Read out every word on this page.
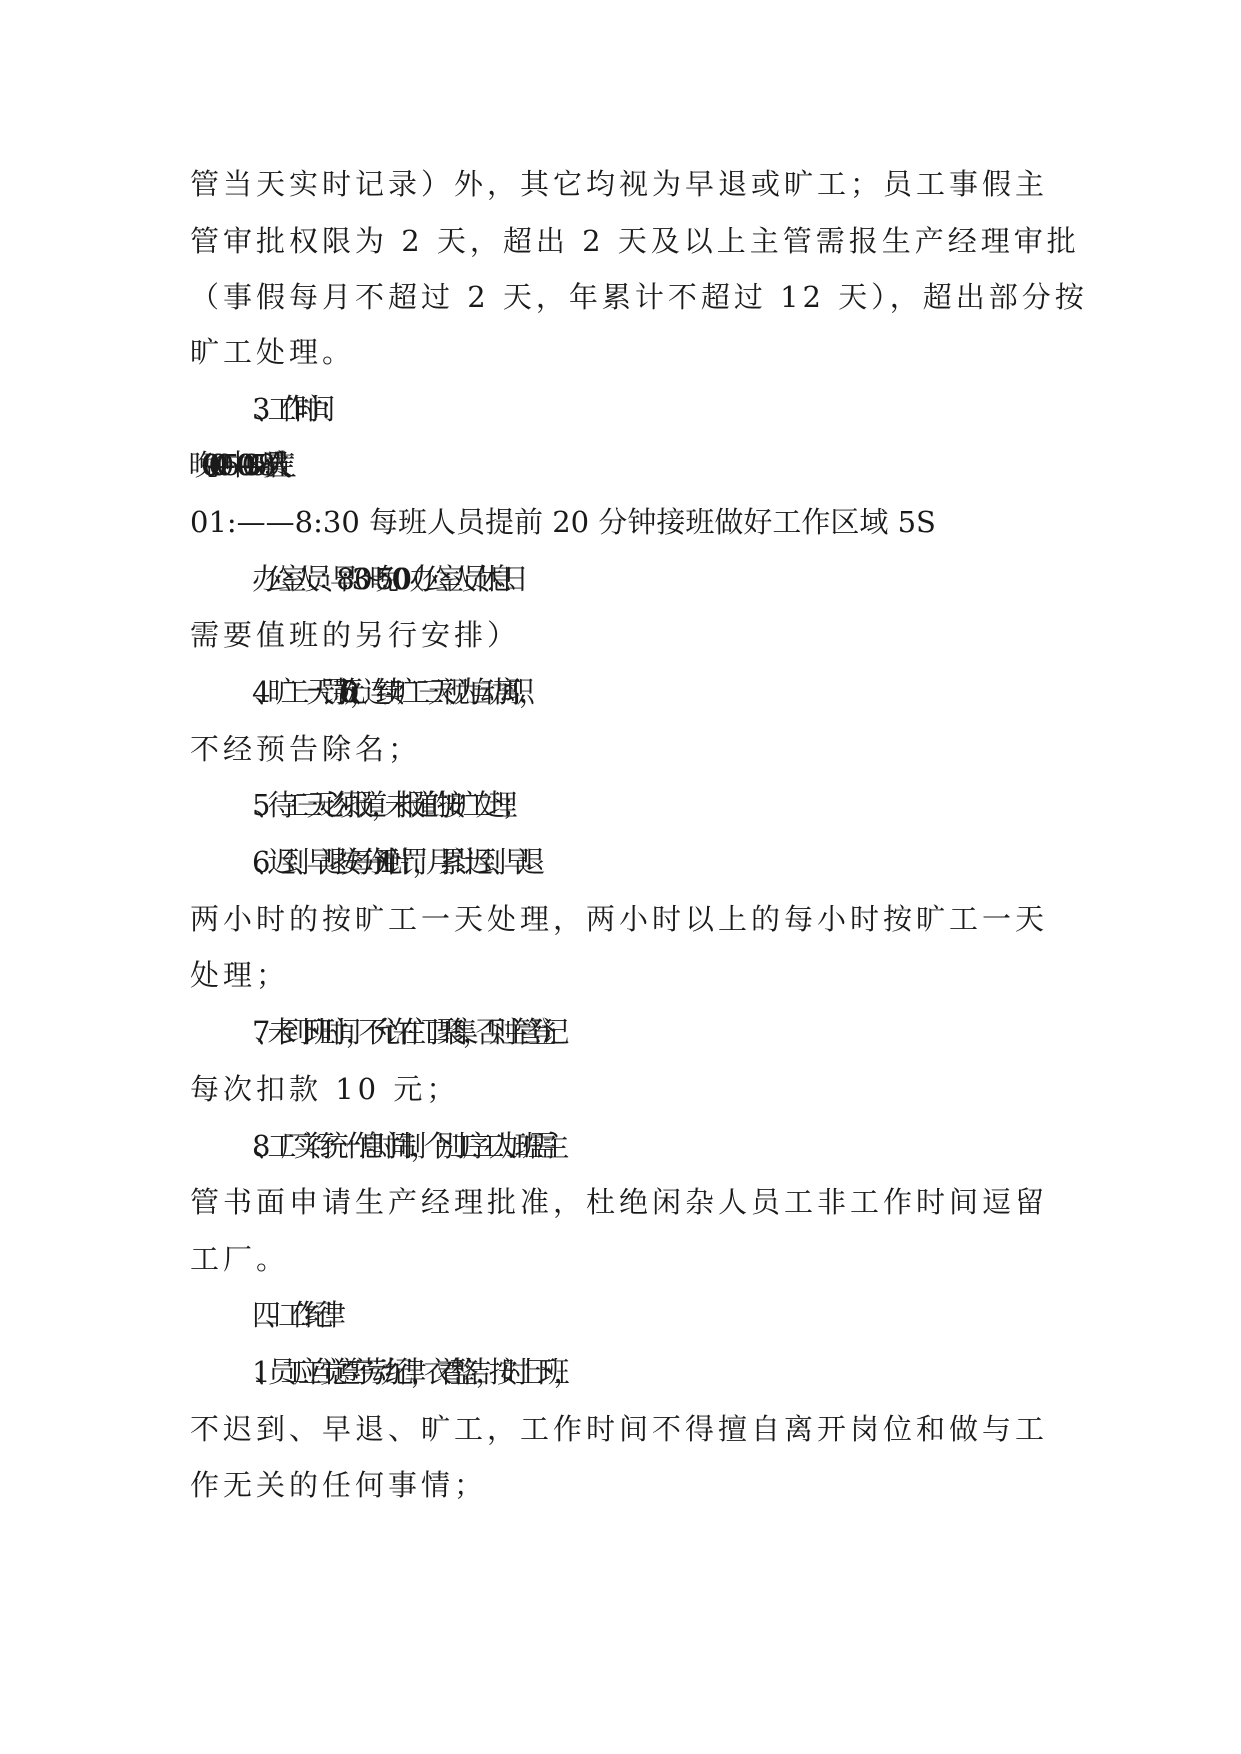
管当天实时记录）外，其它均视为早退或旷工；员工事假主
管审批权限为 2 天，超出 2 天及以上主管需报生产经理审批
（事假每月不超过 2 天，年累计不超过 12 天），超出部分按
旷工处理。
3、工作时间：
01:——8:30 每班人员提前 20 分钟接班做好工作区域 5S
办公室人员：早 8：30～晚 5：00（办公室人员休息日
需要值班的另行安排）
4、旷工一天罚款 60 元，连续旷工三天视为自动离职，
不经预告除名；
5、待工三天必须报道，未报道的按旷工处理；
6、迟到、早退按每分钟 1 元计罚，月累计迟到、早退
两小时的按旷工一天处理，两小时以上的每小时按旷工一天
处理；
7、未到下班时间，不允许在门口聚集，否则主管登记
每次扣款 10 元；
8、工厂实行统一作息时间制，个别工序工人加班需主
管书面申请生产经理批准，杜绝闲杂人员工非工作时间逗留
工厂。
四、工作纪律
1、员工应自觉遵守劳动纪律，衣着整洁，按时上下班，
不迟到、早退、旷工，工作时间不得擅自离开岗位和做与工
作无关的任何事情；
